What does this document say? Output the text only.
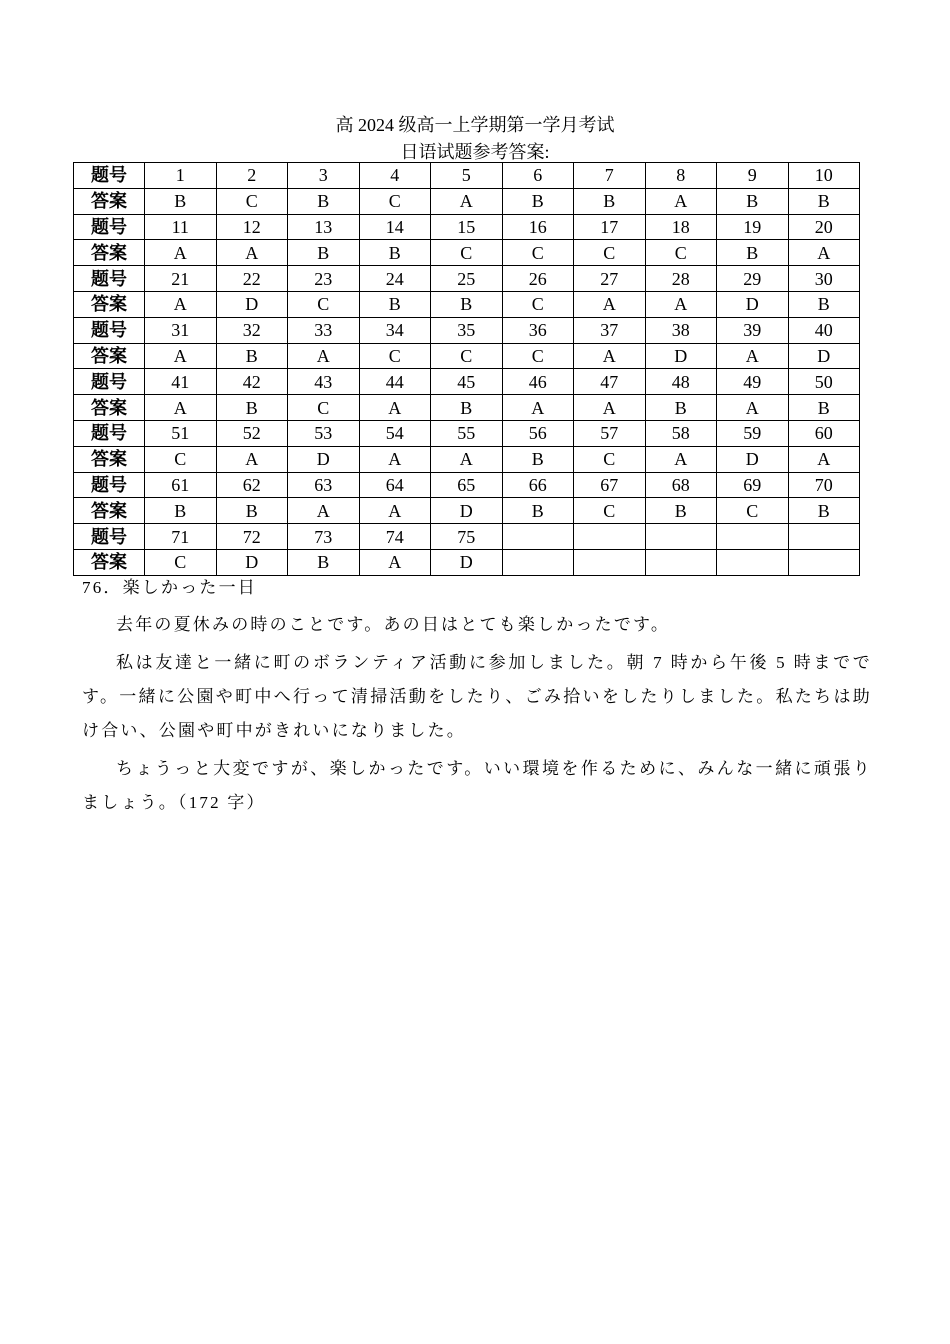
高 2024 级高一上学期第一学月考试
日语试题参考答案:
题号	1	2	3	4	5	6	7	8	9	10
答案	B	C	B	C	A	B	B	A	B	B
题号	11	12	13	14	15	16	17	18	19	20
答案	A	A	B	B	C	C	C	C	B	A
题号	21	22	23	24	25	26	27	28	29	30
答案	A	D	C	B	B	C	A	A	D	B
题号	31	32	33	34	35	36	37	38	39	40
答案	A	B	A	C	C	C	A	D	A	D
题号	41	42	43	44	45	46	47	48	49	50
答案	A	B	C	A	B	A	A	B	A	B
题号	51	52	53	54	55	56	57	58	59	60
答案	C	A	D	A	A	B	C	A	D	A
题号	61	62	63	64	65	66	67	68	69	70
答案	B	B	A	A	D	B	C	B	C	B
题号	71	72	73	74	75					
答案	C	D	B	A	D					
76．楽しかった一日

去年の夏休みの時のことです。あの日はとても楽しかったです。

私は友達と一緒に町のボランティア活動に参加しました。朝 7 時から午後 5 時までです。一緒に公園や町中へ行って清掃活動をしたり、ごみ拾いをしたりしました。私たちは助け合い、公園や町中がきれいになりました。

ちょうっと大変ですが、楽しかったです。いい環境を作るために、みんな一緒に頑張りましょう。（172 字）
